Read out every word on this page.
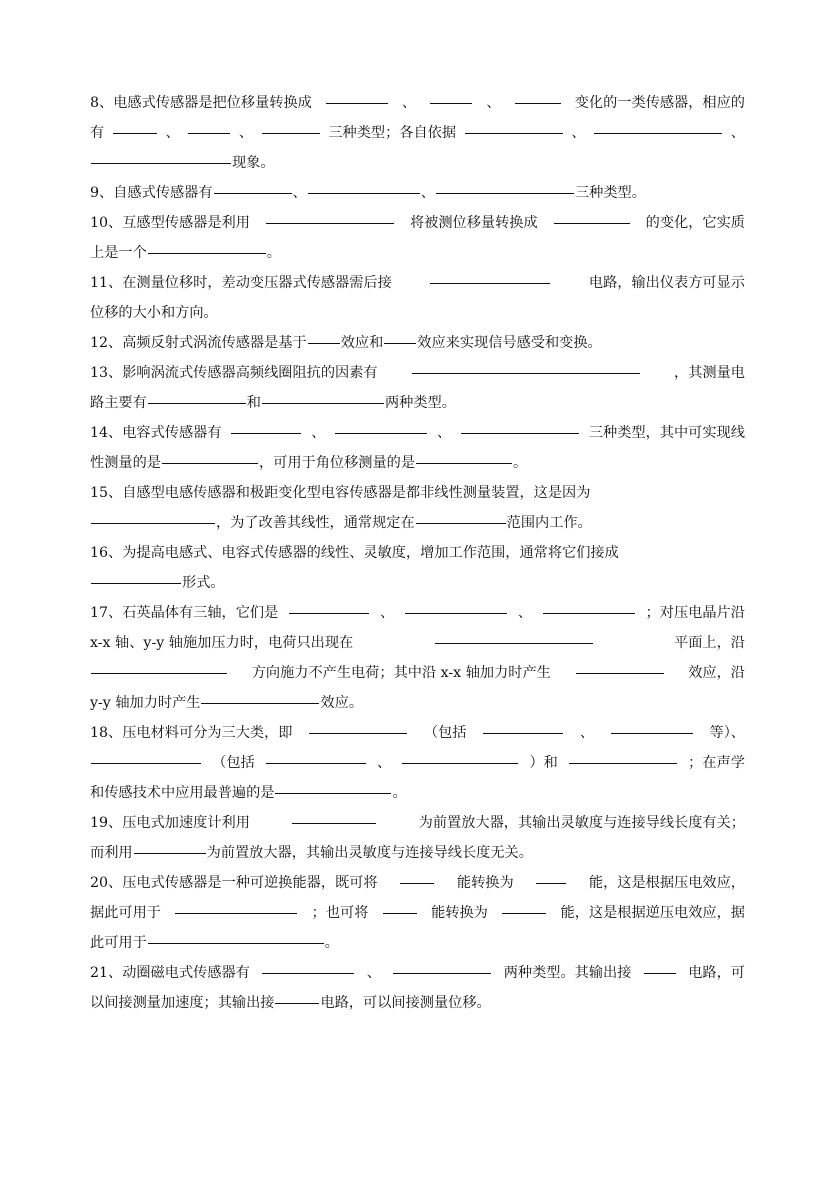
8、电感式传感器是把位移量转换成	、	、	变化的一类传感器，相应的
有	、	、	三种类型；各自依据	、	、
现象。
9、自感式传感器有	、	、	三种类型。
10、互感型传感器是利用	将被测位移量转换成	的变化，它实质
上是一个	。
11、在测量位移时，差动变压器式传感器需后接	电路，输出仪表方可显示
位移的大小和方向。
12、高频反射式涡流传感器是基于 效应和 效应来实现信号感受和变换。
13、影响涡流式传感器高频线圈阻抗的因素有	，其测量电
路主要有	和	两种类型。
14、电容式传感器有	、	、	三种类型，其中可实现线
性测量的是	，可用于角位移测量的是	。
15、自感型电感传感器和极距变化型电容传感器是都非线性测量装置，这是因为
，为了改善其线性，通常规定在	范围内工作。
16、为提高电感式、电容式传感器的线性、灵敏度，增加工作范围，通常将它们接成
形式。
17、石英晶体有三轴，它们是	、	、	；对压电晶片沿
x-x 轴、y-y 轴施加压力时，电荷只出现在	平面上，沿
方向施力不产生电荷；其中沿 x-x 轴加力时产生	效应，沿
y-y 轴加力时产生	效应。
18、压电材料可分为三大类，即	（包括	、	等）、
（包括	、	）和	；在声学
和传感技术中应用最普遍的是	。
19、压电式加速度计利用	为前置放大器，其输出灵敏度与连接导线长度有关；
而利用	为前置放大器，其输出灵敏度与连接导线长度无关。
20、压电式传感器是一种可逆换能器，既可将	能转换为	能，这是根据压电效应，
据此可用于	；也可将	能转换为	能，这是根据逆压电效应，据
此可用于	。
21、动圈磁电式传感器有	、	两种类型。其输出接	电路，可
以间接测量加速度；其输出接	电路，可以间接测量位移。
